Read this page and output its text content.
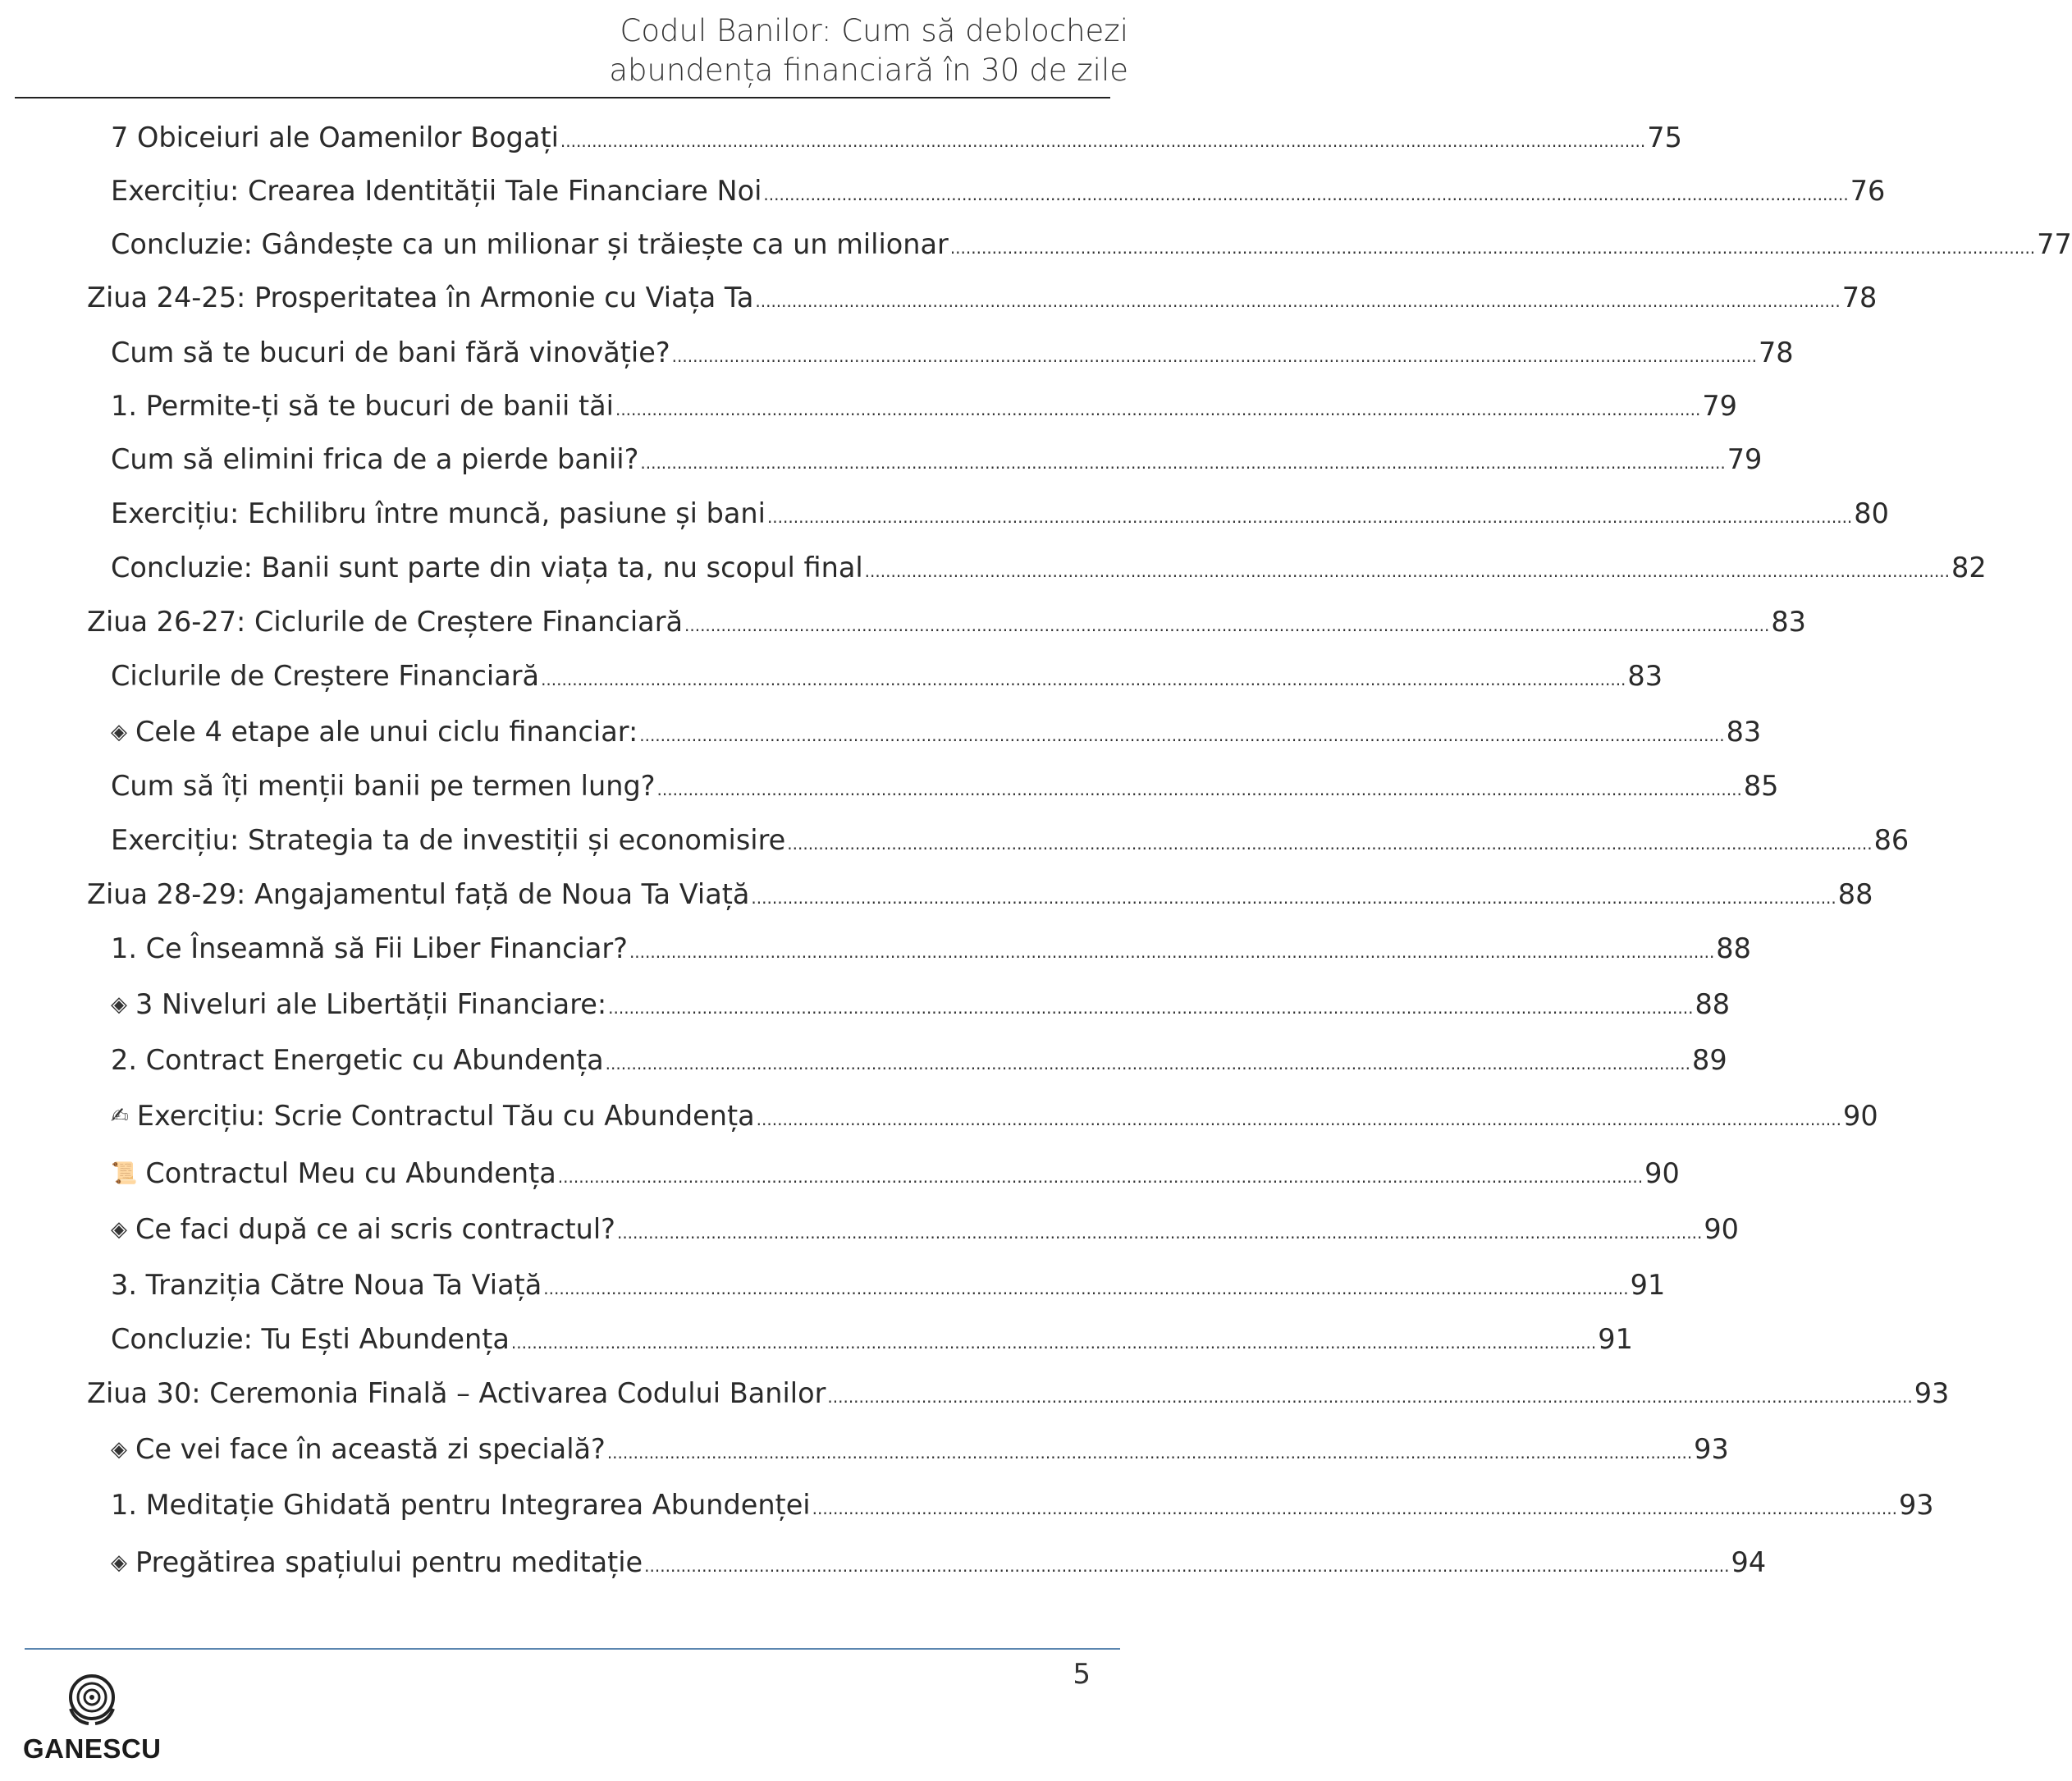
Codul Banilor: Cum să deblochezi
abundența financiară în 30 de zile
7 Obiceiuri ale Oamenilor Bogați .....	75
Exercițiu: Crearea Identității Tale Financiare Noi .....	76
Concluzie: Gândește ca un milionar și trăiește ca un milionar .....	77
Ziua 24-25: Prosperitatea în Armonie cu Viața Ta .....	78
Cum să te bucuri de bani fără vinovăție? .....	78
1. Permite-ți să te bucuri de banii tăi .....	79
Cum să elimini frica de a pierde banii? .....	79
Exercițiu: Echilibru între muncă, pasiune și bani .....	80
Concluzie: Banii sunt parte din viața ta, nu scopul final .....	82
Ziua 26-27: Ciclurile de Creștere Financiară .....	83
Ciclurile de Creștere Financiară .....	83
◈ Cele 4 etape ale unui ciclu financiar: .....	83
Cum să îți menții banii pe termen lung? .....	85
Exercițiu: Strategia ta de investiții și economisire .....	86
Ziua 28-29: Angajamentul față de Noua Ta Viață .....	88
1. Ce Înseamnă să Fii Liber Financiar? .....	88
◈ 3 Niveluri ale Libertății Financiare: .....	88
2. Contract Energetic cu Abundența .....	89
✍ Exercițiu: Scrie Contractul Tău cu Abundența .....	90
📜 Contractul Meu cu Abundența .....	90
◈ Ce faci după ce ai scris contractul? .....	90
3. Tranziția Către Noua Ta Viață .....	91
Concluzie: Tu Ești Abundența .....	91
Ziua 30: Ceremonia Finală – Activarea Codului Banilor .....	93
◈ Ce vei face în această zi specială? .....	93
1. Meditație Ghidată pentru Integrarea Abundenței .....	93
◈ Pregătirea spațiului pentru meditație .....	94
5
GANESCU
